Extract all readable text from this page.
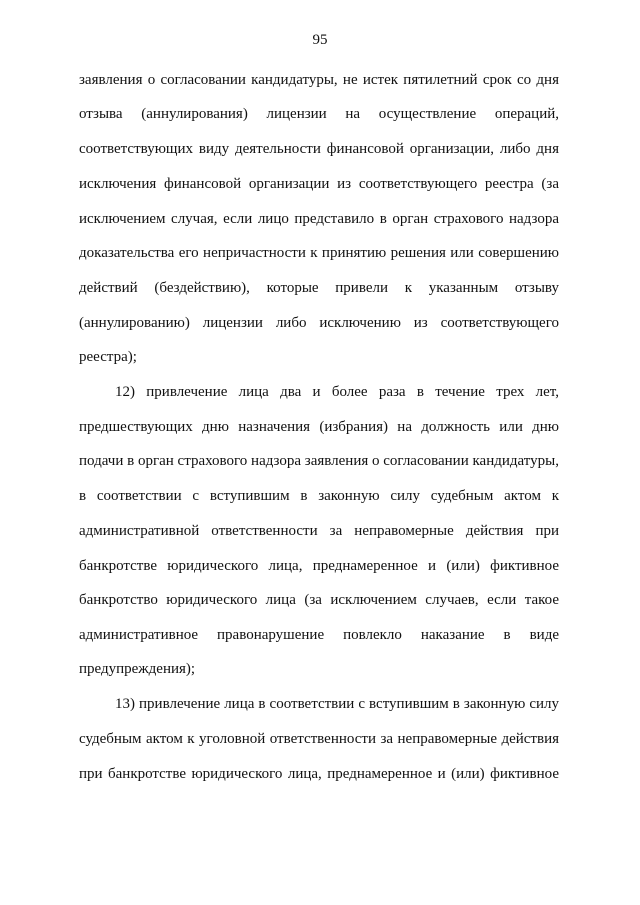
95
заявления о согласовании кандидатуры, не истек пятилетний срок со дня
отзыва (аннулирования) лицензии на осуществление операций,
соответствующих виду деятельности финансовой организации, либо дня
исключения финансовой организации из соответствующего реестра (за
исключением случая, если лицо представило в орган страхового надзора
доказательства его непричастности к принятию решения или совершению
действий (бездействию), которые привели к указанным отзыву
(аннулированию) лицензии либо исключению из соответствующего
реестра);
12) привлечение лица два и более раза в течение трех лет,
предшествующих дню назначения (избрания) на должность или дню
подачи в орган страхового надзора заявления о согласовании кандидатуры,
в соответствии с вступившим в законную силу судебным актом к
административной ответственности за неправомерные действия при
банкротстве юридического лица, преднамеренное и (или) фиктивное
банкротство юридического лица (за исключением случаев, если такое
административное правонарушение повлекло наказание в виде
предупреждения);
13) привлечение лица в соответствии с вступившим в законную силу
судебным актом к уголовной ответственности за неправомерные действия
при банкротстве юридического лица, преднамеренное и (или) фиктивное
